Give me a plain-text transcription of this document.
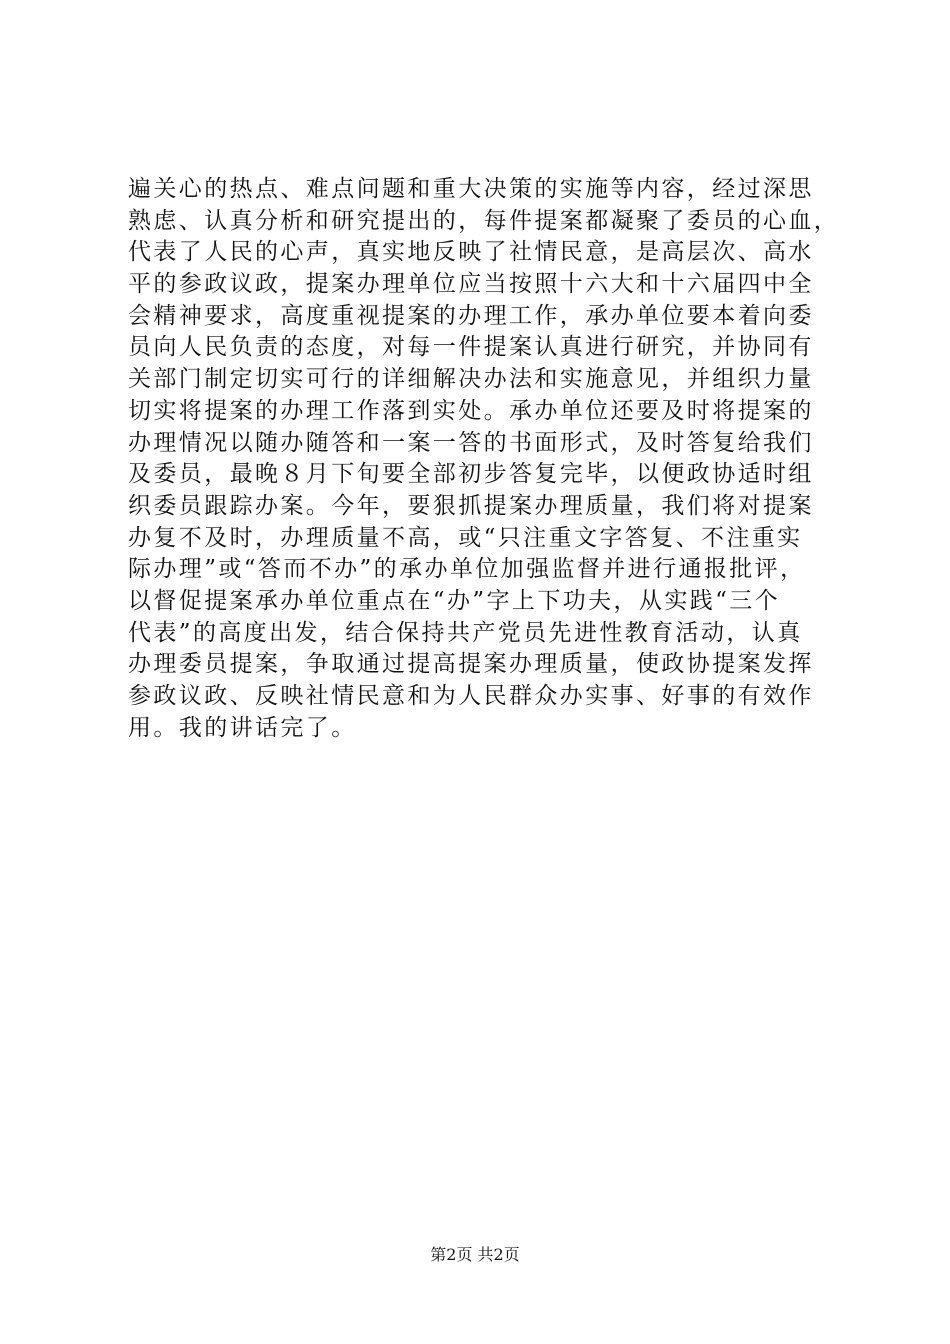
遍关心的热点、难点问题和重大决策的实施等内容，经过深思
熟虑、认真分析和研究提出的，每件提案都凝聚了委员的心血，
代表了人民的心声，真实地反映了社情民意，是高层次、高水
平的参政议政，提案办理单位应当按照十六大和十六届四中全
会精神要求，高度重视提案的办理工作，承办单位要本着向委
员向人民负责的态度，对每一件提案认真进行研究，并协同有
关部门制定切实可行的详细解决办法和实施意见，并组织力量
切实将提案的办理工作落到实处。承办单位还要及时将提案的
办理情况以随办随答和一案一答的书面形式，及时答复给我们
及委员，最晚８月下旬要全部初步答复完毕，以便政协适时组
织委员跟踪办案。今年，要狠抓提案办理质量，我们将对提案
办复不及时，办理质量不高，或“只注重文字答复、不注重实
际办理”或“答而不办”的承办单位加强监督并进行通报批评，
以督促提案承办单位重点在“办”字上下功夫，从实践“三个
代表”的高度出发，结合保持共产党员先进性教育活动，认真
办理委员提案，争取通过提高提案办理质量，使政协提案发挥
参政议政、反映社情民意和为人民群众办实事、好事的有效作
用。我的讲话完了。
第2页 共2页
